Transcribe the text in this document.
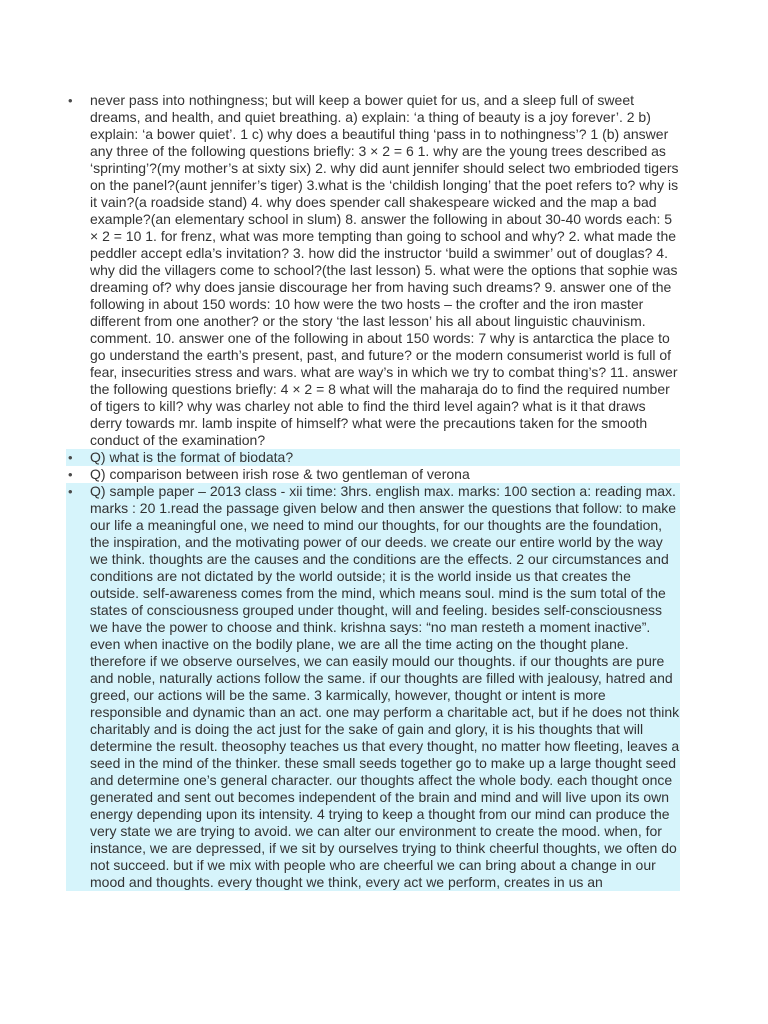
• never pass into nothingness; but will keep a bower quiet for us, and a sleep full of sweet dreams, and health, and quiet breathing. a) explain: ‘a thing of beauty is a joy forever’. 2 b) explain: ‘a bower quiet’. 1 c) why does a beautiful thing ‘pass in to nothingness’? 1 (b) answer any three of the following questions briefly: 3 × 2 = 6 1. why are the young trees described as ‘sprinting’?(my mother’s at sixty six) 2. why did aunt jennifer should select two embrioded tigers on the panel?(aunt jennifer’s tiger) 3.what is the ‘childish longing’ that the poet refers to? why is it vain?(a roadside stand) 4. why does spender call shakespeare wicked and the map a bad example?(an elementary school in slum) 8. answer the following in about 30-40 words each: 5 × 2 = 10 1. for frenz, what was more tempting than going to school and why? 2. what made the peddler accept edla’s invitation? 3. how did the instructor ‘build a swimmer’ out of douglas? 4. why did the villagers come to school?(the last lesson) 5. what were the options that sophie was dreaming of? why does jansie discourage her from having such dreams? 9. answer one of the following in about 150 words: 10 how were the two hosts – the crofter and the iron master different from one another? or the story ‘the last lesson’ his all about linguistic chauvinism. comment. 10. answer one of the following in about 150 words: 7 why is antarctica the place to go understand the earth’s present, past, and future? or the modern consumerist world is full of fear, insecurities stress and wars. what are way’s in which we try to combat thing’s? 11. answer the following questions briefly: 4 × 2 = 8 what will the maharaja do to find the required number of tigers to kill? why was charley not able to find the third level again? what is it that draws derry towards mr. lamb inspite of himself? what were the precautions taken for the smooth conduct of the examination?
• Q) what is the format of biodata?
• Q) comparison between irish rose & two gentleman of verona
• Q) sample paper – 2013 class - xii time: 3hrs. english max. marks: 100 section a: reading max. marks : 20 1.read the passage given below and then answer the questions that follow: to make our life a meaningful one, we need to mind our thoughts, for our thoughts are the foundation, the inspiration, and the motivating power of our deeds. we create our entire world by the way we think. thoughts are the causes and the conditions are the effects. 2 our circumstances and conditions are not dictated by the world outside; it is the world inside us that creates the outside. self-awareness comes from the mind, which means soul. mind is the sum total of the states of consciousness grouped under thought, will and feeling. besides self-consciousness we have the power to choose and think. krishna says: “no man resteth a moment inactive”. even when inactive on the bodily plane, we are all the time acting on the thought plane. therefore if we observe ourselves, we can easily mould our thoughts. if our thoughts are pure and noble, naturally actions follow the same. if our thoughts are filled with jealousy, hatred and greed, our actions will be the same. 3 karmically, however, thought or intent is more responsible and dynamic than an act. one may perform a charitable act, but if he does not think charitably and is doing the act just for the sake of gain and glory, it is his thoughts that will determine the result. theosophy teaches us that every thought, no matter how fleeting, leaves a seed in the mind of the thinker. these small seeds together go to make up a large thought seed and determine one’s general character. our thoughts affect the whole body. each thought once generated and sent out becomes independent of the brain and mind and will live upon its own energy depending upon its intensity. 4 trying to keep a thought from our mind can produce the very state we are trying to avoid. we can alter our environment to create the mood. when, for instance, we are depressed, if we sit by ourselves trying to think cheerful thoughts, we often do not succeed. but if we mix with people who are cheerful we can bring about a change in our mood and thoughts. every thought we think, every act we perform, creates in us an
